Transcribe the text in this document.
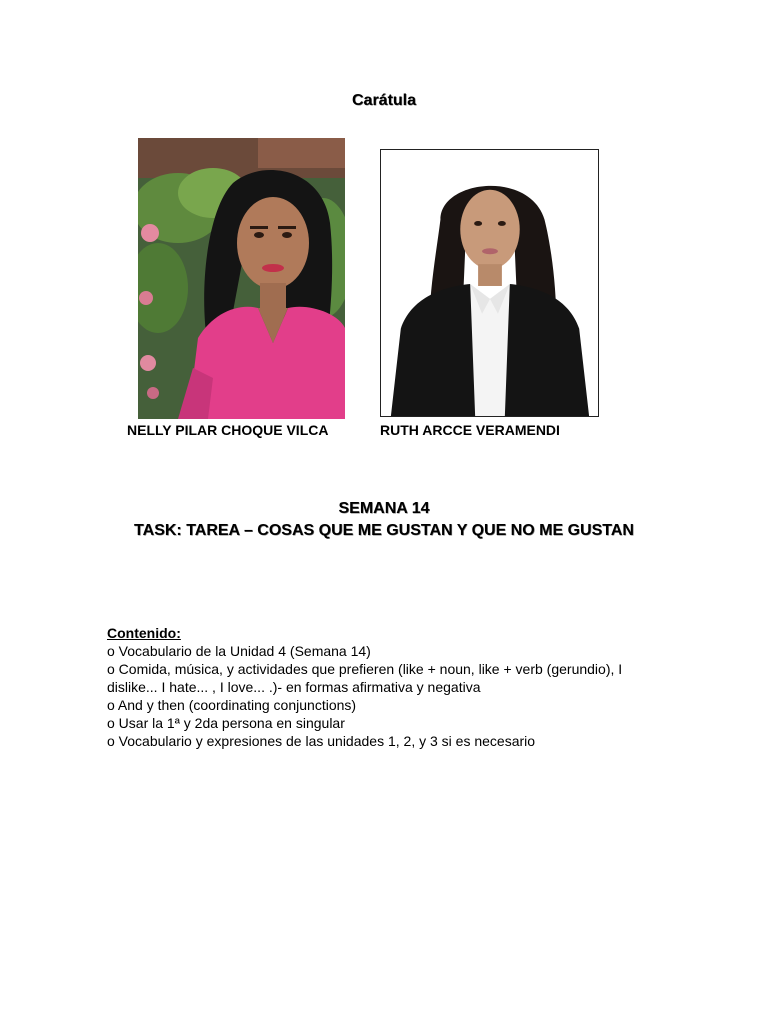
Carátula
NELLY PILAR CHOQUE VILCA	RUTH ARCCE VERAMENDI
SEMANA 14
TASK: TAREA – COSAS QUE ME GUSTAN Y QUE NO ME GUSTAN
Contenido:
o Vocabulario de la Unidad 4 (Semana 14)
o Comida, música, y actividades que prefieren (like + noun, like + verb (gerundio), I dislike... I hate... , I love... .)- en formas afirmativa y negativa
o And y then (coordinating conjunctions)
o Usar la 1ª y 2da persona en singular
o Vocabulario y expresiones de las unidades 1, 2, y 3 si es necesario
